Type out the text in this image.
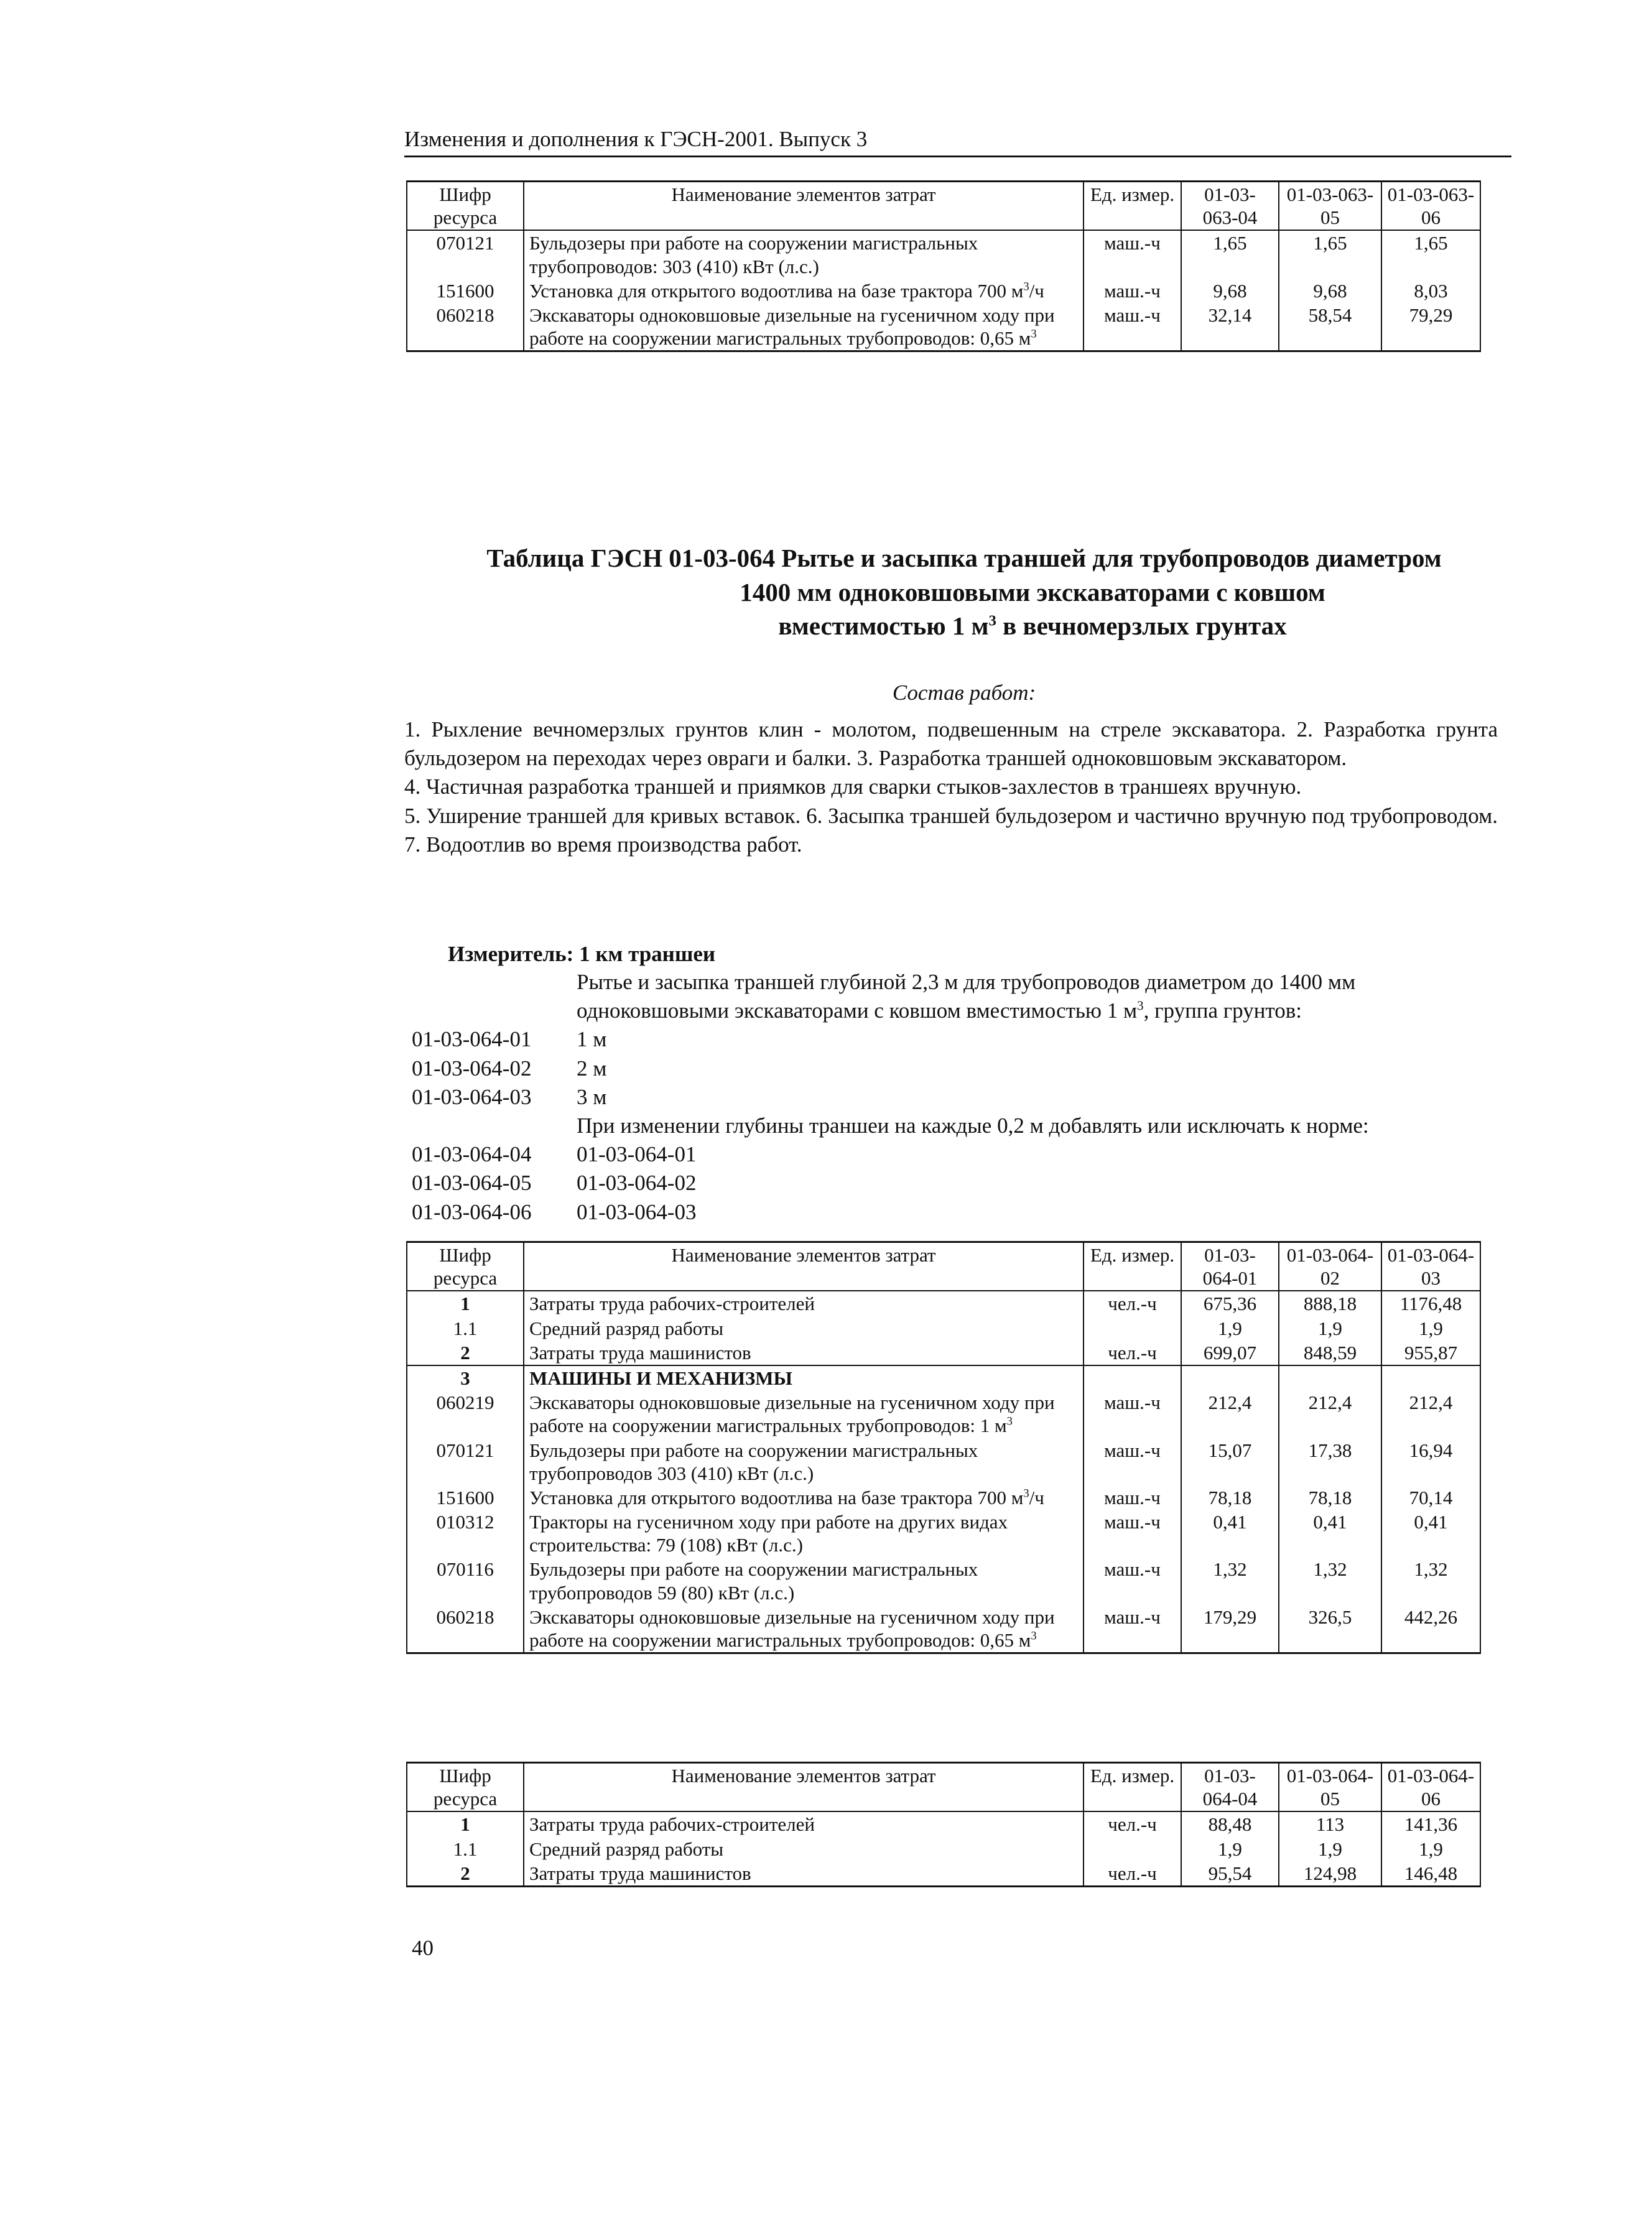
Изменения и дополнения к ГЭСН-2001. Выпуск 3
Шифр ресурса	Наименование элементов затрат	Ед. измер.	01-03-063-04	01-03-063-05	01-03-063-06
070121	Бульдозеры при работе на сооружении магистральных трубопроводов: 303 (410) кВт (л.с.)	маш.-ч	1,65	1,65	1,65
151600	Установка для открытого водоотлива на базе трактора 700 $м^3/ч$	маш.-ч	9,68	9,68	8,03
060218	Экскаваторы одноковшовые дизельные на гусеничном ходу при работе на сооружении магистральных трубопроводов: 0,65 $м^3$	маш.-ч	32,14	58,54	79,29
Таблица ГЭСН 01-03-064 Рытье и засыпка траншей для трубопроводов диаметром
1400 мм одноковшовыми экскаваторами с ковшом
вместимостью 1 $м^3$ в вечномерзлых грунтах
Состав работ:

1. Рыхление вечномерзлых грунтов клин - молотом, подвешенным на стреле экскаватора. 2. Разработка грунта бульдозером на переходах через овраги и балки. 3. Разработка траншей одноковшовым экскаватором.

4. Частичная разработка траншей и приямков для сварки стыков-захлестов в траншеях вручную.

5. Уширение траншей для кривых вставок. 6. Засыпка траншей бульдозером и частично вручную под трубопроводом. 7. Водоотлив во время производства работ.

Измеритель: 1 км траншеи
Рытье и засыпка траншей глубиной 2,3 м для трубопроводов диаметром до 1400 мм одноковшовыми экскаваторами с ковшом вместимостью 1 $м^3$, группа грунтов:
01-03-064-01	1 м
01-03-064-02	2 м
01-03-064-03	3 м
При изменении глубины траншеи на каждые 0,2 м добавлять или исключать к норме:
01-03-064-04	01-03-064-01
01-03-064-05	01-03-064-02
01-03-064-06	01-03-064-03
Шифр ресурса	Наименование элементов затрат	Ед. измер.	01-03-064-01	01-03-064-02	01-03-064-03
1	Затраты труда рабочих-строителей	чел.-ч	675,36	888,18	1176,48
1.1	Средний разряд работы		1,9	1,9	1,9
2	Затраты труда машинистов	чел.-ч	699,07	848,59	955,87
3	МАШИНЫ И МЕХАНИЗМЫ				
060219	Экскаваторы одноковшовые дизельные на гусеничном ходу при работе на сооружении магистральных трубопроводов: 1 $м^3$	маш.-ч	212,4	212,4	212,4
070121	Бульдозеры при работе на сооружении магистральных трубопроводов 303 (410) кВт (л.с.)	маш.-ч	15,07	17,38	16,94
151600	Установка для открытого водоотлива на базе трактора 700 $м^3/ч$	маш.-ч	78,18	78,18	70,14
010312	Тракторы на гусеничном ходу при работе на других видах строительства: 79 (108) кВт (л.с.)	маш.-ч	0,41	0,41	0,41
070116	Бульдозеры при работе на сооружении магистральных трубопроводов 59 (80) кВт (л.с.)	маш.-ч	1,32	1,32	1,32
060218	Экскаваторы одноковшовые дизельные на гусеничном ходу при работе на сооружении магистральных трубопроводов: 0,65 $м^3$	маш.-ч	179,29	326,5	442,26
Шифр ресурса	Наименование элементов затрат	Ед. измер.	01-03-064-04	01-03-064-05	01-03-064-06
1	Затраты труда рабочих-строителей	чел.-ч	88,48	113	141,36
1.1	Средний разряд работы		1,9	1,9	1,9
2	Затраты труда машинистов	чел.-ч	95,54	124,98	146,48
40
